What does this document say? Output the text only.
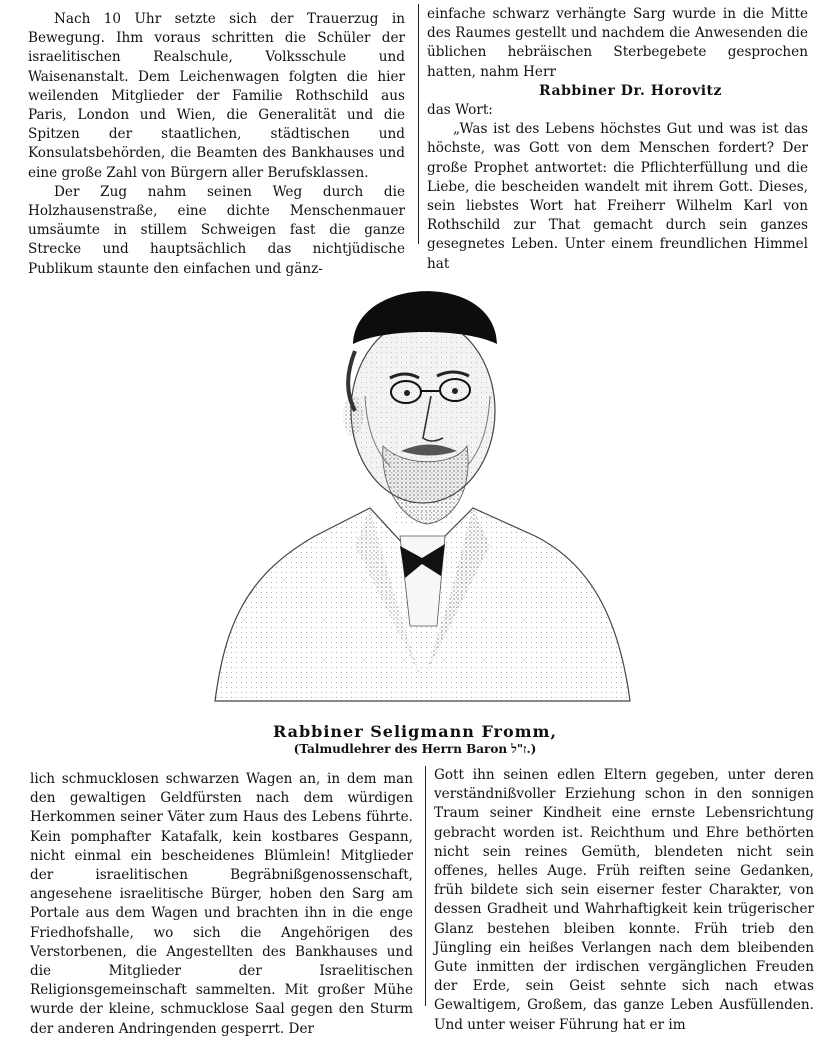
Nach 10 Uhr setzte sich der Trauerzug in Bewegung. Ihm voraus schritten die Schüler der israelitischen Realschule, Volksschule und Waisenanstalt. Dem Leichenwagen folgten die hier weilenden Mitglieder der Familie Rothschild aus Paris, London und Wien, die Generalität und die Spitzen der staatlichen, städtischen und Konsulatsbehörden, die Beamten des Bankhauses und eine große Zahl von Bürgern aller Berufsklassen.

Der Zug nahm seinen Weg durch die Holzhausenstraße, eine dichte Menschenmauer umsäumte in stillem Schweigen fast die ganze Strecke und hauptsächlich das nichtjüdische Publikum staunte den einfachen und gänz-

einfache schwarz verhängte Sarg wurde in die Mitte des Raumes gestellt und nachdem die Anwesenden die üblichen hebräischen Sterbegebete gesprochen hatten, nahm Herr

Rabbiner Dr. Horovitz

das Wort:

„Was ist des Lebens höchstes Gut und was ist das höchste, was Gott von dem Menschen fordert? Der große Prophet antwortet: die Pflichterfüllung und die Liebe, die bescheiden wandelt mit ihrem Gott. Dieses, sein liebstes Wort hat Freiherr Wilhelm Karl von Rothschild zur That gemacht durch sein ganzes gesegnetes Leben. Unter einem freundlichen Himmel hat

Rabbiner Seligmann Fromm,
(Talmudlehrer des Herrn Baron ז"ל.)

lich schmucklosen schwarzen Wagen an, in dem man den gewaltigen Geldfürsten nach dem würdigen Herkommen seiner Väter zum Haus des Lebens führte. Kein pomphafter Katafalk, kein kostbares Gespann, nicht einmal ein bescheidenes Blümlein! Mitglieder der israelitischen Begräbnißgenossenschaft, angesehene israelitische Bürger, hoben den Sarg am Portale aus dem Wagen und brachten ihn in die enge Friedhofshalle, wo sich die Angehörigen des Verstorbenen, die Angestellten des Bankhauses und die Mitglieder der Israelitischen Religionsgemeinschaft sammelten. Mit großer Mühe wurde der kleine, schmucklose Saal gegen den Sturm der anderen Andringenden gesperrt. Der

Gott ihn seinen edlen Eltern gegeben, unter deren verständnißvoller Erziehung schon in den sonnigen Traum seiner Kindheit eine ernste Lebensrichtung gebracht worden ist. Reichthum und Ehre bethörten nicht sein reines Gemüth, blendeten nicht sein offenes, helles Auge. Früh reiften seine Gedanken, früh bildete sich sein eiserner fester Charakter, von dessen Gradheit und Wahrhaftigkeit kein trügerischer Glanz bestehen bleiben konnte. Früh trieb den Jüngling ein heißes Verlangen nach dem bleibenden Gute inmitten der irdischen vergänglichen Freuden der Erde, sein Geist sehnte sich nach etwas Gewaltigem, Großem, das ganze Leben Ausfüllenden. Und unter weiser Führung hat er im
